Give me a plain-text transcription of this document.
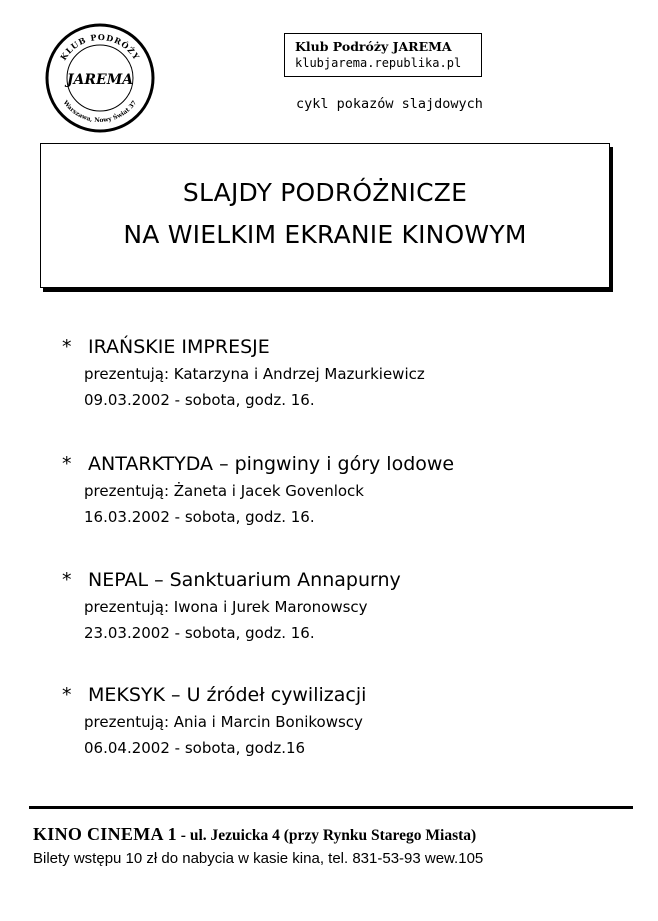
KLUB PODRÓŻY
Warszawa, Nowy Świat 37
JAREMA
Klub Podróży JAREMA
klubjarema.republika.pl
cykl pokazów slajdowych
SLAJDY PODRÓŻNICZE
NA WIELKIM EKRANIE KINOWYM
* IRAŃSKIE IMPRESJE
prezentują: Katarzyna i Andrzej Mazurkiewicz
09.03.2002 - sobota, godz. 16.
* ANTARKTYDA – pingwiny i góry lodowe
prezentują: Żaneta i Jacek Govenlock
16.03.2002 - sobota, godz. 16.
* NEPAL – Sanktuarium Annapurny
prezentują: Iwona i Jurek Maronowscy
23.03.2002 - sobota, godz. 16.
* MEKSYK – U źródeł cywilizacji
prezentują: Ania i Marcin Bonikowscy
06.04.2002 - sobota, godz.16
KINO CINEMA 1 - ul. Jezuicka 4 (przy Rynku Starego Miasta)
Bilety wstępu 10 zł do nabycia w kasie kina, tel. 831-53-93 wew.105
